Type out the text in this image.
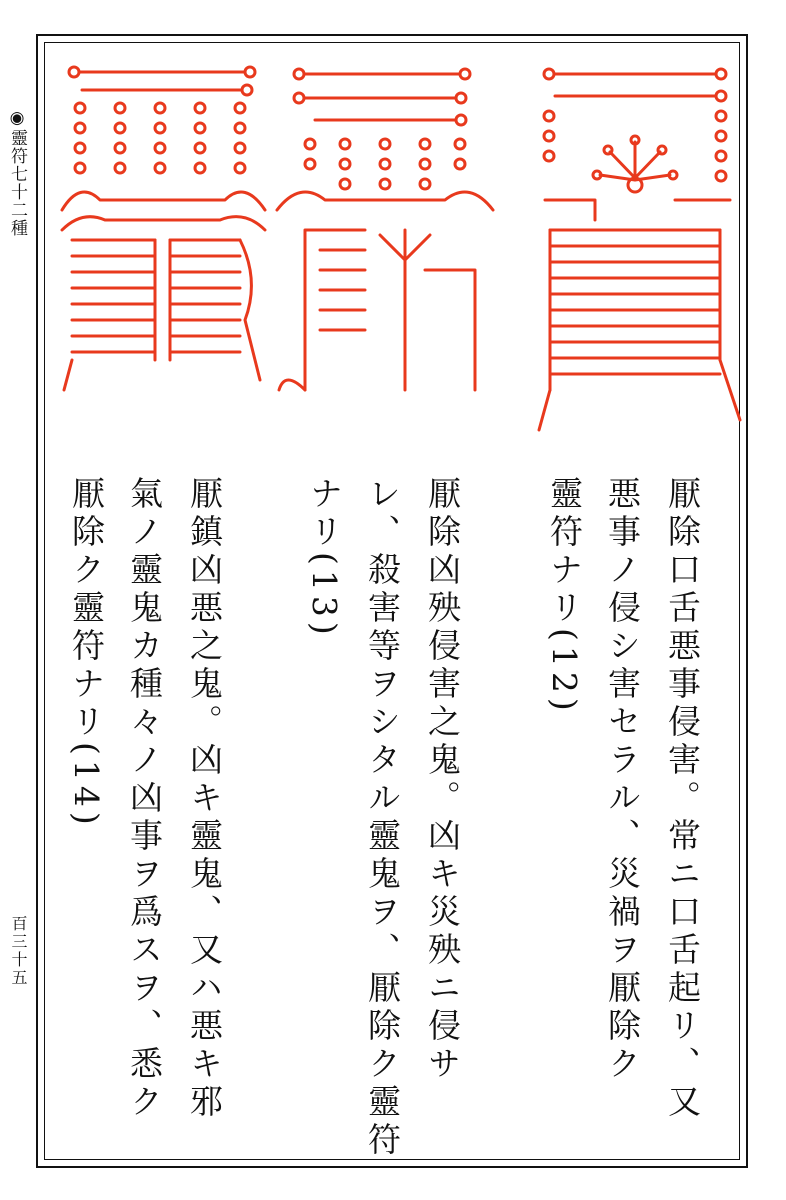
◉靈符七十二種
百三十五	厭除口舌悪事侵害。常ニ口舌起リ、又
悪事ノ侵シ害セラル、災禍ヲ厭除ク
靈符ナリ(12)
厭除凶殃侵害之鬼。凶キ災殃ニ侵サ
レ、殺害等ヲシタル靈鬼ヲ、厭除ク靈符
ナリ(13)
厭鎮凶悪之鬼。凶キ靈鬼、又ハ悪キ邪
氣ノ靈鬼カ種々ノ凶事ヲ爲スヲ、悉ク
厭除ク靈符ナリ(14)
